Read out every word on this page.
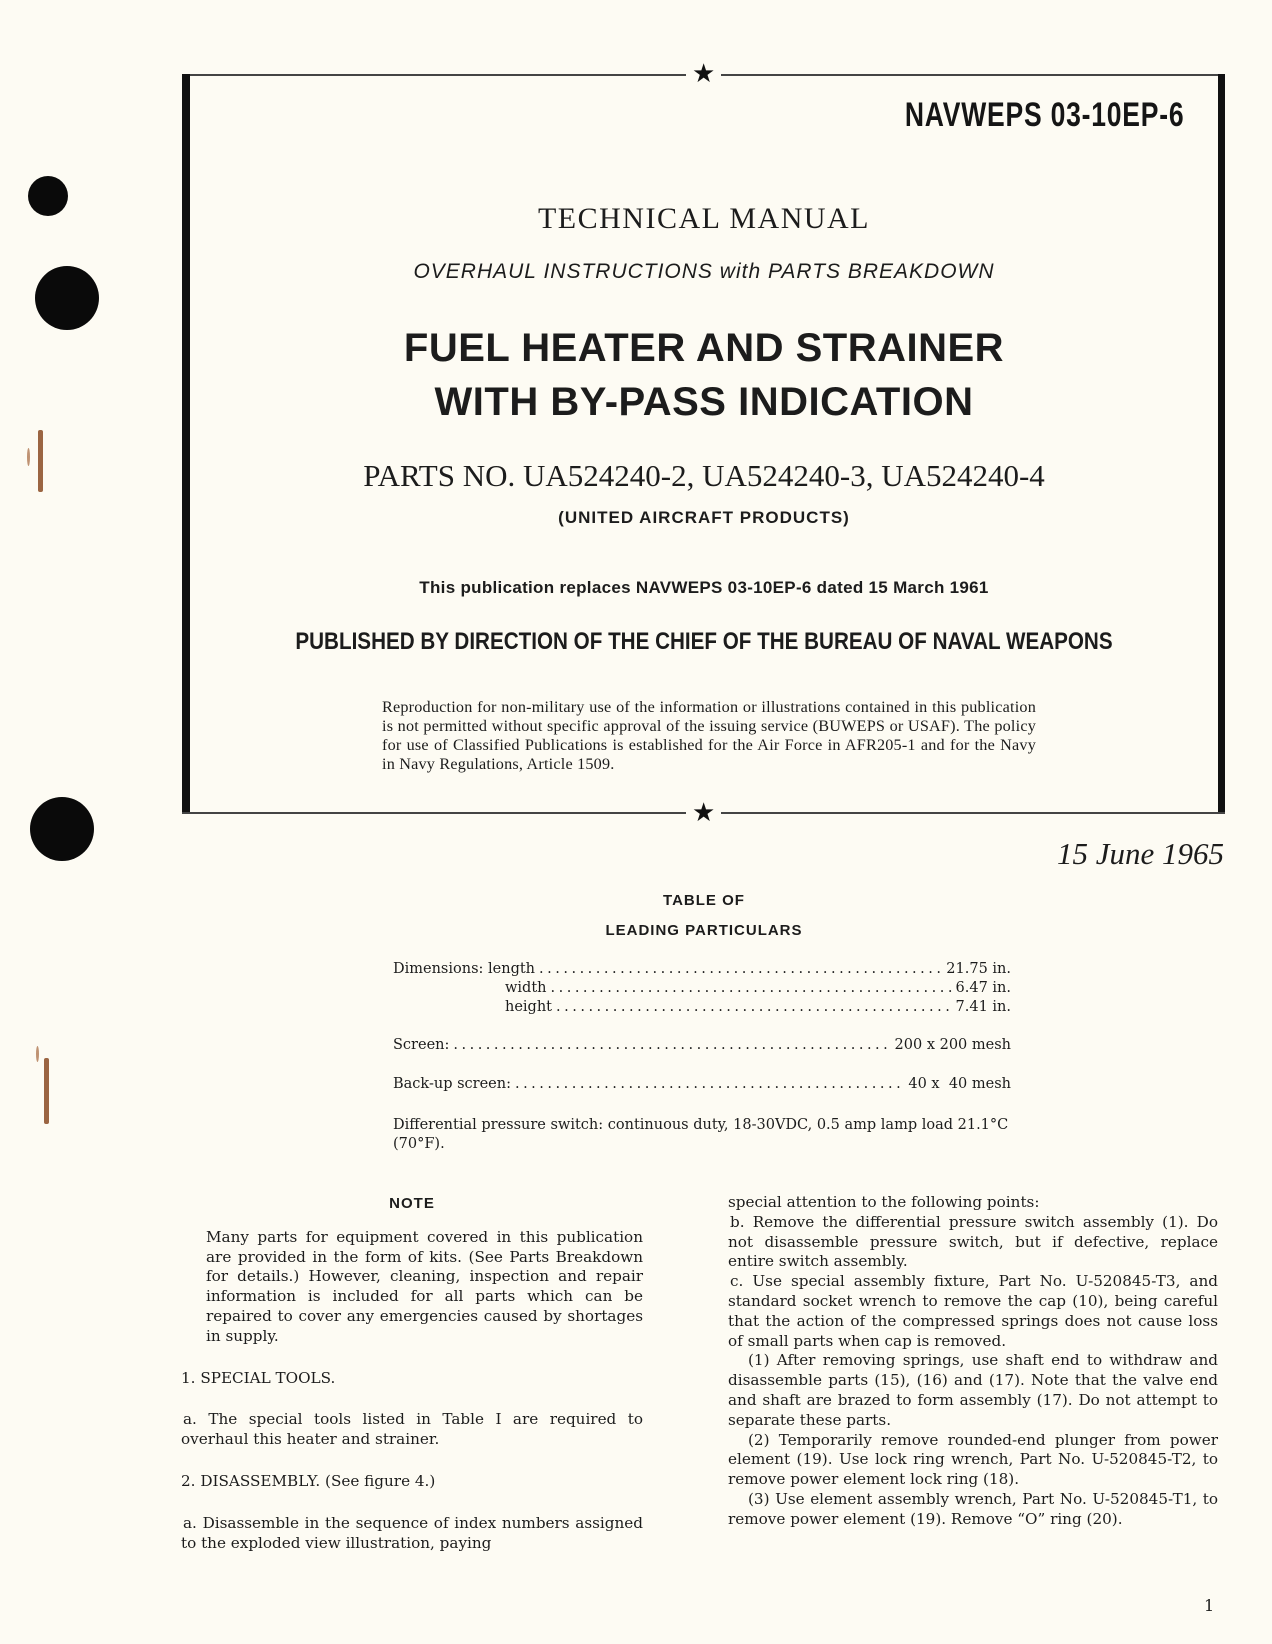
★
★
NAVWEPS 03-10EP-6
TECHNICAL MANUAL
OVERHAUL INSTRUCTIONS with PARTS BREAKDOWN
FUEL HEATER AND STRAINER
WITH BY-PASS INDICATION
PARTS NO. UA524240-2, UA524240-3, UA524240-4
(UNITED AIRCRAFT PRODUCTS)
This publication replaces NAVWEPS 03-10EP-6 dated 15 March 1961
PUBLISHED BY DIRECTION OF THE CHIEF OF THE BUREAU OF NAVAL WEAPONS
Reproduction for non-military use of the information or illustrations contained in this publication is not permitted without specific approval of the issuing service (BUWEPS or USAF). The policy for use of Classified Publications is established for the Air Force in AFR205-1 and for the Navy in Navy Regulations, Article 1509.
15 June 1965
TABLE OF
LEADING PARTICULARS
Dimensions: length .....	21.75 in.
width .....	6.47 in.
height .....	7.41 in.
Screen: .....	200 x 200 mesh
Back-up screen: .....	40 x  40 mesh
Differential pressure switch: continuous duty, 18-30VDC, 0.5 amp lamp load 21.1°C (70°F).

NOTE

Many parts for equipment covered in this publication are provided in the form of kits. (See Parts Breakdown for details.) However, cleaning, inspection and repair information is included for all parts which can be repaired to cover any emergencies caused by shortages in supply.

1. SPECIAL TOOLS.

a. The special tools listed in Table I are required to overhaul this heater and strainer.

2. DISASSEMBLY. (See figure 4.)

a. Disassemble in the sequence of index numbers assigned to the exploded view illustration, paying

special attention to the following points:

b. Remove the differential pressure switch assembly (1). Do not disassemble pressure switch, but if defective, replace entire switch assembly.

c. Use special assembly fixture, Part No. U-520845-T3, and standard socket wrench to remove the cap (10), being careful that the action of the compressed springs does not cause loss of small parts when cap is removed.

(1) After removing springs, use shaft end to withdraw and disassemble parts (15), (16) and (17). Note that the valve end and shaft are brazed to form assembly (17). Do not attempt to separate these parts.

(2) Temporarily remove rounded-end plunger from power element (19). Use lock ring wrench, Part No. U-520845-T2, to remove power element lock ring (18).

(3) Use element assembly wrench, Part No. U-520845-T1, to remove power element (19). Remove “O” ring (20).

1
